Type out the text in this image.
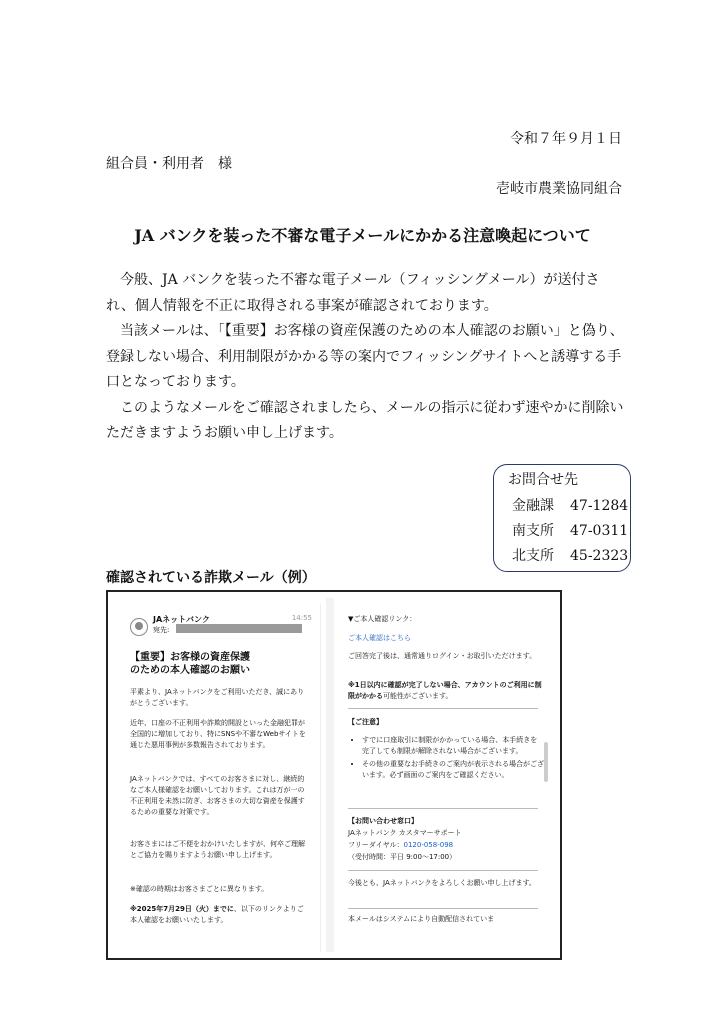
令和７年９月１日
組合員・利用者　様
壱岐市農業協同組合
JA バンクを装った不審な電子メールにかかる注意喚起について

今般、JA バンクを装った不審な電子メール（フィッシングメール）が送付され、個人情報を不正に取得される事案が確認されております。

当該メールは、「【重要】お客様の資産保護のための本人確認のお願い」と偽り、登録しない場合、利用制限がかかる等の案内でフィッシングサイトへと誘導する手口となっております。

このようなメールをご確認されましたら、メールの指示に従わず速やかに削除いただきますようお願い申し上げます。

お問合せ先
金融課 47-1284
南支所 47-0311
北支所 45-2323
確認されている詐欺メール（例）
JAネットバンク	14:55
宛先:
【重要】お客様の資産保護
のための本人確認のお願い
平素より、JAネットバンクをご利用いただき、誠にありがとうございます。
近年、口座の不正利用や詐欺的開設といった金融犯罪が全国的に増加しており、特にSNSや不審なWebサイトを通じた悪用事例が多数報告されております。
JAネットバンクでは、すべてのお客さまに対し、継続的なご本人様確認をお願いしております。これは万が一の不正利用を未然に防ぎ、お客さまの大切な資産を保護するための重要な対策です。
お客さまにはご不便をおかけいたしますが、何卒ご理解とご協力を賜りますようお願い申し上げます。
※確認の時期はお客さまごとに異なります。
※2025年7月29日（火）までに、以下のリンクよりご本人確認をお願いいたします。
▼ご本人確認リンク：
ご本人確認はこちら
ご回答完了後は、通常通りログイン・お取引いただけます。
※1日以内に確認が完了しない場合、アカウントのご利用に制限がかかる可能性がございます。
【ご注意】
• すでに口座取引に制限がかかっている場合、本手続きを完了しても制限が解除されない場合がございます。
• その他の重要なお手続きのご案内が表示される場合がございます。必ず画面のご案内をご確認ください。
【お問い合わせ窓口】
JAネットバンク カスタマーサポート
フリーダイヤル：0120-058-098
（受付時間：平日 9:00～17:00）
今後とも、JAネットバンクをよろしくお願い申し上げます。
本メールはシステムにより自動配信されていま
